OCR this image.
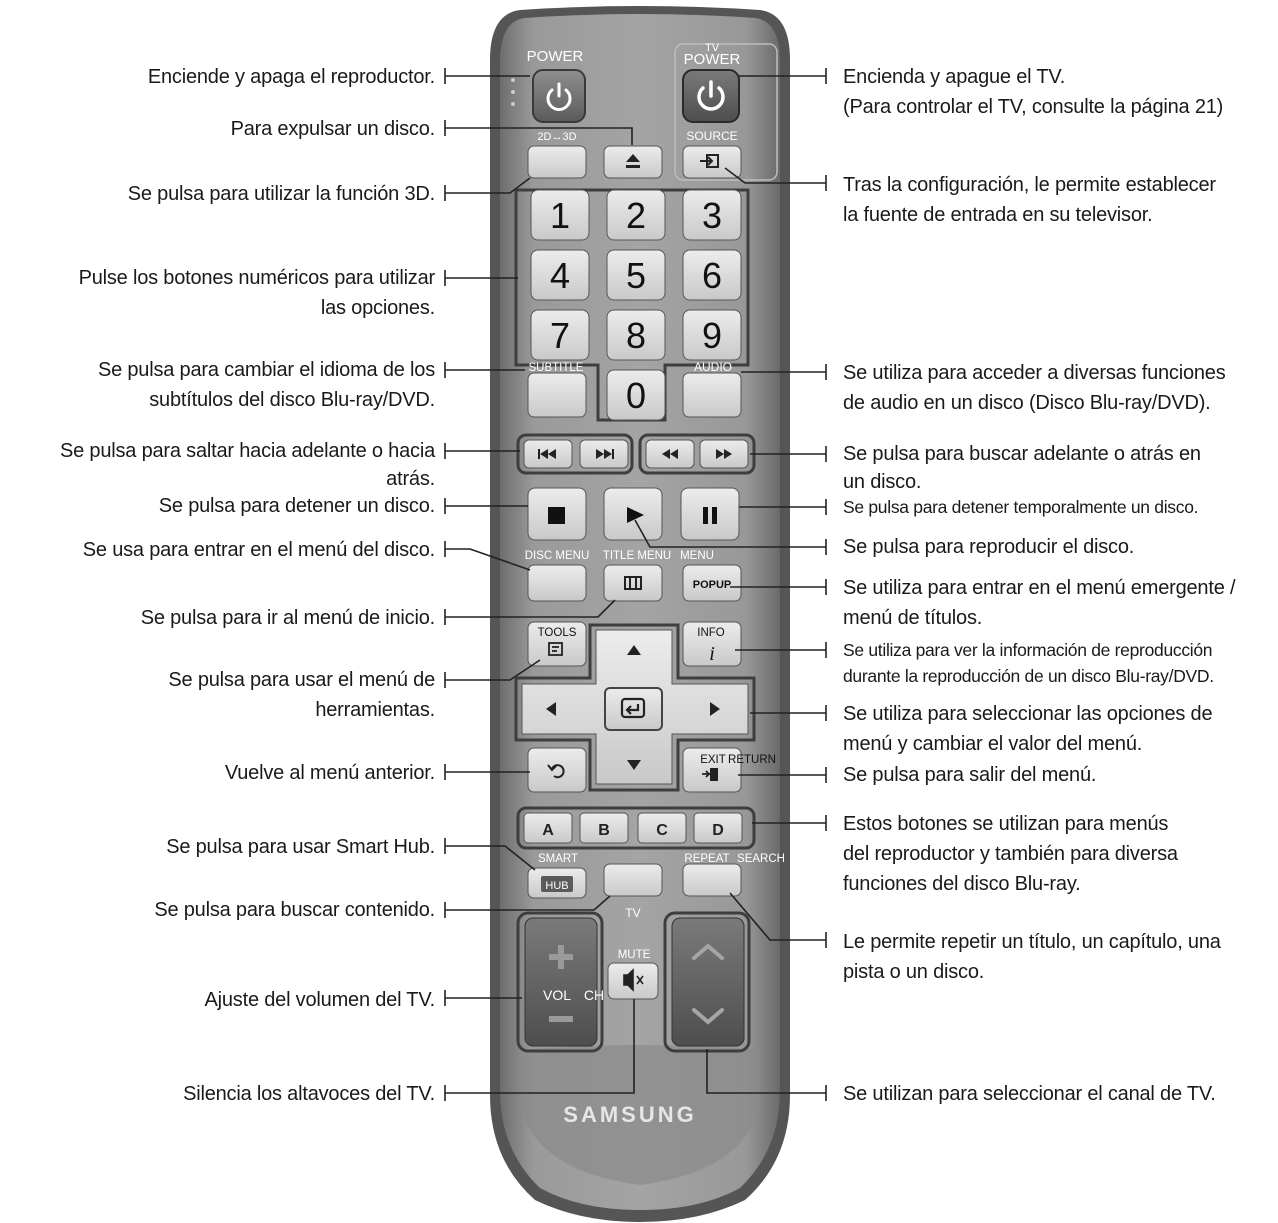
1 2 3
4 5 6
7 8 9
0
A	B	C	D
POWER	TV
POWER
2D↔3D	SOURCE
SUBTITLE	AUDIO
DISC MENU TITLE MENU MENU
VOL CH
TV
SMART	REPEAT SEARCH
MUTE
POPUP
TOOLS	INFO
i
EXIT RETURN
HUB
SAMSUNG
Enciende y apaga el reproductor.
Para expulsar un disco.
Se pulsa para utilizar la función 3D.
Pulse los botones numéricos para utilizar
las opciones.
Se pulsa para cambiar el idioma de los
subtítulos del disco Blu-ray/DVD.
Se pulsa para saltar hacia adelante o hacia
atrás.
Se pulsa para detener un disco.
Se usa para entrar en el menú del disco.
Se pulsa para ir al menú de inicio.
Se pulsa para usar el menú de
herramientas.
Vuelve al menú anterior.
Se pulsa para usar Smart Hub.
Se pulsa para buscar contenido.
Ajuste del volumen del TV.
Silencia los altavoces del TV.
Encienda y apague el TV.
(Para controlar el TV, consulte la página 21)
Tras la configuración, le permite establecer
la fuente de entrada en su televisor.
Se utiliza para acceder a diversas funciones
de audio en un disco (Disco Blu-ray/DVD).
Se pulsa para buscar adelante o atrás en
un disco.
Se pulsa para detener temporalmente un disco.
Se pulsa para reproducir el disco.
Se utiliza para entrar en el menú emergente /
menú de títulos.
Se utiliza para ver la información de reproducción
durante la reproducción de un disco Blu-ray/DVD.
Se utiliza para seleccionar las opciones de
menú y cambiar el valor del menú.
Se pulsa para salir del menú.
Estos botones se utilizan para menús
del reproductor y también para diversa
funciones del disco Blu-ray.
Le permite repetir un título, un capítulo, una
pista o un disco.
Se utilizan para seleccionar el canal de TV.
